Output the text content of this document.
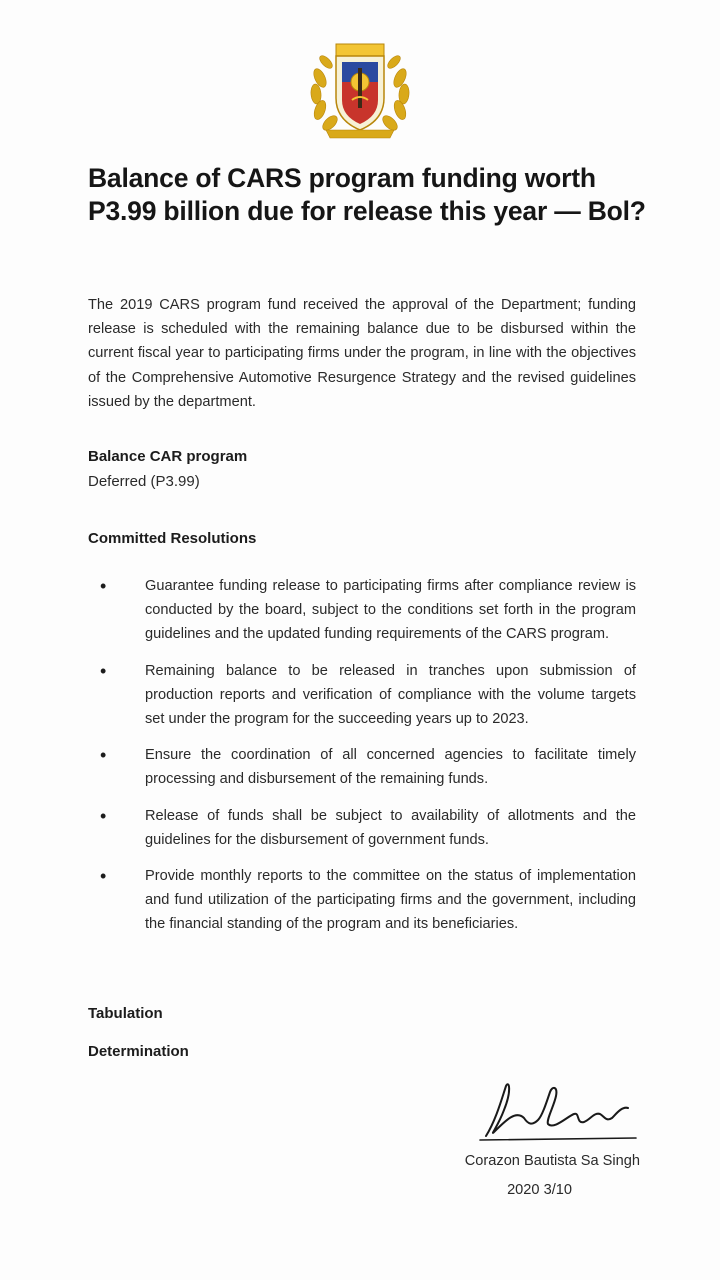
Balance of CARS program funding worth P3.99 billion due for release this year — Bol?

The 2019 CARS program fund received the approval of the Department; funding release is scheduled with the remaining balance due to be disbursed within the current fiscal year to participating firms under the program, in line with the objectives of the Comprehensive Automotive Resurgence Strategy and the revised guidelines issued by the department.

Balance CAR program

Deferred (P3.99)

Committed Resolutions

• Guarantee funding release to participating firms after compliance review is conducted by the board, subject to the conditions set forth in the program guidelines and the updated funding requirements of the CARS program.
• Remaining balance to be released in tranches upon submission of production reports and verification of compliance with the volume targets set under the program for the succeeding years up to 2023.
• Ensure the coordination of all concerned agencies to facilitate timely processing and disbursement of the remaining funds.
• Release of funds shall be subject to availability of allotments and the guidelines for the disbursement of government funds.
• Provide monthly reports to the committee on the status of implementation and fund utilization of the participating firms and the government, including the financial standing of the program and its beneficiaries.

Tabulation

Determination

Corazon Bautista Sa Singh

2020 3/10
